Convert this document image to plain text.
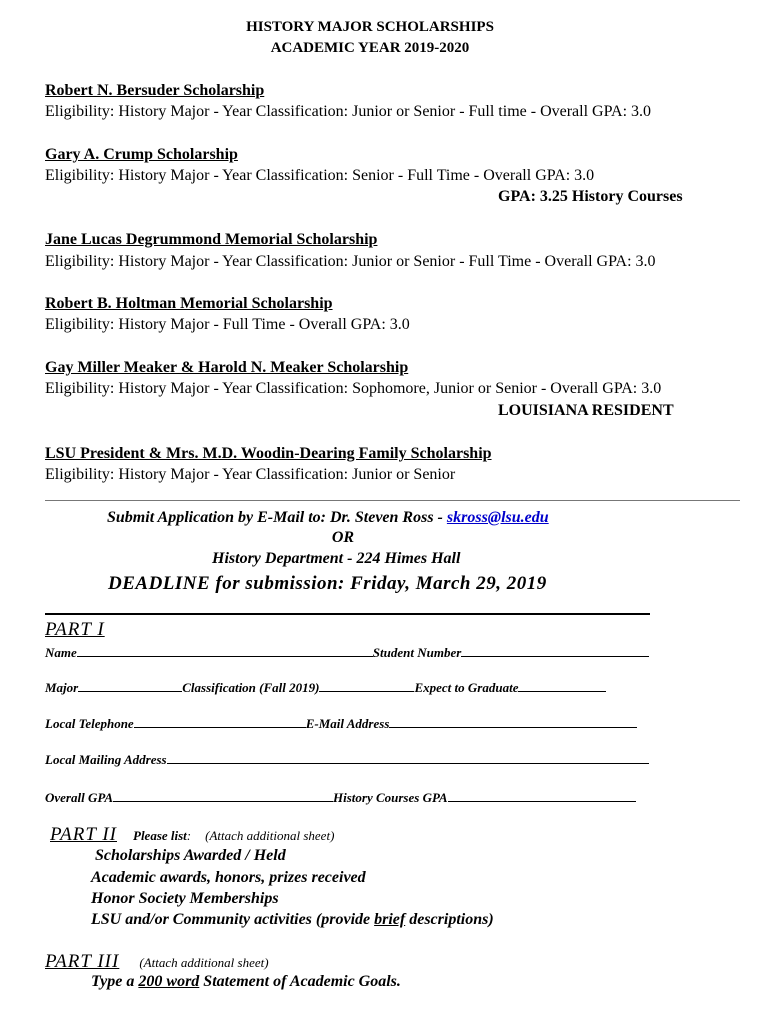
HISTORY MAJOR SCHOLARSHIPS
ACADEMIC YEAR 2019-2020
Robert N. Bersuder Scholarship
Eligibility: History Major - Year Classification: Junior or Senior - Full time - Overall GPA: 3.0
Gary A. Crump Scholarship
Eligibility: History Major - Year Classification: Senior - Full Time - Overall GPA: 3.0
GPA: 3.25 History Courses
Jane Lucas Degrummond Memorial Scholarship
Eligibility: History Major - Year Classification: Junior or Senior - Full Time - Overall GPA: 3.0
Robert B. Holtman Memorial Scholarship
Eligibility: History Major - Full Time - Overall GPA: 3.0
Gay Miller Meaker & Harold N. Meaker Scholarship
Eligibility: History Major - Year Classification: Sophomore, Junior or Senior - Overall GPA: 3.0
LOUISIANA RESIDENT
LSU President & Mrs. M.D. Woodin-Dearing Family Scholarship
Eligibility: History Major - Year Classification: Junior or Senior
Submit Application by E-Mail to: Dr. Steven Ross - skross@lsu.edu
OR
History Department - 224 Himes Hall
DEADLINE for submission: Friday, March 29, 2019
PART I
Name	Student Number
Major	Classification (Fall 2019)	Expect to Graduate
Local Telephone	E-Mail Address
Local Mailing Address
Overall GPA	History Courses GPA
PART II Please list: (Attach additional sheet)
Scholarships Awarded / Held
Academic awards, honors, prizes received
Honor Society Memberships
LSU and/or Community activities (provide brief descriptions)
PART III (Attach additional sheet)
Type a 200 word Statement of Academic Goals.
